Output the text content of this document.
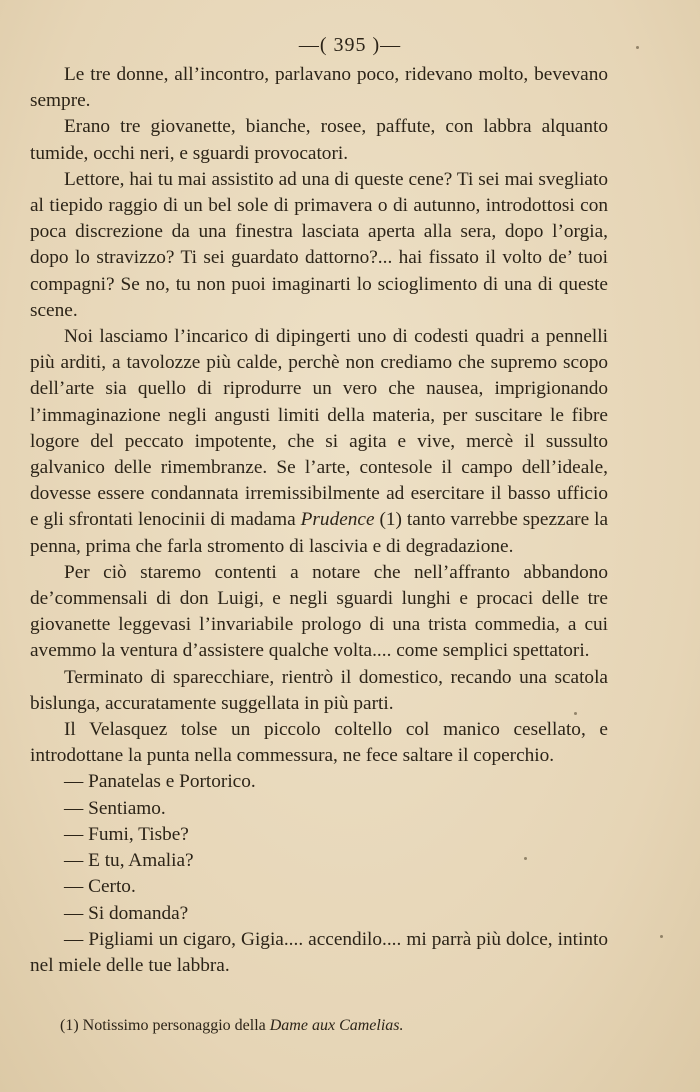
—( 395 )—

Le tre donne, all’incontro, parlavano poco, ridevano molto, bevevano sempre.

Erano tre giovanette, bianche, rosee, paffute, con labbra alquanto tumide, occhi neri, e sguardi provocatori.

Lettore, hai tu mai assistito ad una di queste cene? Ti sei mai svegliato al tiepido raggio di un bel sole di primavera o di autunno, introdottosi con poca discrezione da una finestra lasciata aperta alla sera, dopo l’orgia, dopo lo stravizzo? Ti sei guardato dattorno?... hai fissato il volto de’ tuoi compagni? Se no, tu non puoi imaginarti lo scioglimento di una di queste scene.

Noi lasciamo l’incarico di dipingerti uno di codesti quadri a pennelli più arditi, a tavolozze più calde, perchè non crediamo che supremo scopo dell’arte sia quello di riprodurre un vero che nausea, imprigionando l’immaginazione negli angusti limiti della materia, per suscitare le fibre logore del peccato impotente, che si agita e vive, mercè il sussulto galvanico delle rimembranze. Se l’arte, contesole il campo dell’ideale, dovesse essere condannata irremissibilmente ad esercitare il basso ufficio e gli sfrontati lenocinii di madama Prudence (1) tanto varrebbe spezzare la penna, prima che farla stromento di lascivia e di degradazione.

Per ciò staremo contenti a notare che nell’affranto abbandono de’commensali di don Luigi, e negli sguardi lunghi e procaci delle tre giovanette leggevasi l’invariabile prologo di una trista commedia, a cui avemmo la ventura d’assistere qualche volta.... come semplici spettatori.

Terminato di sparecchiare, rientrò il domestico, recando una scatola bislunga, accuratamente suggellata in più parti.

Il Velasquez tolse un piccolo coltello col manico cesellato, e introdottane la punta nella commessura, ne fece saltare il coperchio.

— Panatelas e Portorico.

— Sentiamo.

— Fumi, Tisbe?

— E tu, Amalia?

— Certo.

— Si domanda?

— Pigliami un cigaro, Gigia.... accendilo.... mi parrà più dolce, intinto nel miele delle tue labbra.

(1) Notissimo personaggio della Dame aux Camelias.
